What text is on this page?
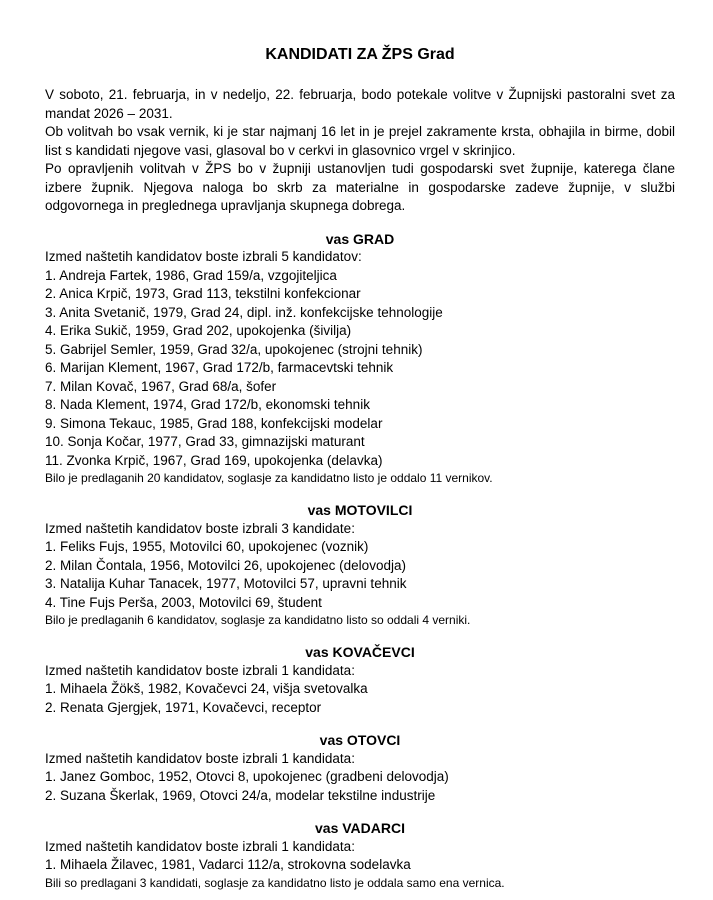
KANDIDATI ZA ŽPS Grad

V soboto, 21. februarja, in v nedeljo, 22. februarja, bodo potekale volitve v Župnijski pastoralni svet za mandat 2026 – 2031.

Ob volitvah bo vsak vernik, ki je star najmanj 16 let in je prejel zakramente krsta, obhajila in birme, dobil list s kandidati njegove vasi, glasoval bo v cerkvi in glasovnico vrgel v skrinjico.

Po opravljenih volitvah v ŽPS bo v župniji ustanovljen tudi gospodarski svet župnije, katerega člane izbere župnik. Njegova naloga bo skrb za materialne in gospodarske zadeve župnije, v službi odgovornega in preglednega upravljanja skupnega dobrega.

vas GRAD

Izmed naštetih kandidatov boste izbrali 5 kandidatov:

1. Andreja Fartek, 1986, Grad 159/a, vzgojiteljica

2. Anica Krpič, 1973, Grad 113, tekstilni konfekcionar

3. Anita Svetanič, 1979, Grad 24, dipl. inž. konfekcijske tehnologije

4. Erika Sukič, 1959, Grad 202, upokojenka (šivilja)

5. Gabrijel Semler, 1959, Grad 32/a, upokojenec (strojni tehnik)

6. Marijan Klement, 1967, Grad 172/b, farmacevtski tehnik

7. Milan Kovač, 1967, Grad 68/a, šofer

8. Nada Klement, 1974, Grad 172/b, ekonomski tehnik

9. Simona Tekauc, 1985, Grad 188, konfekcijski modelar

10. Sonja Kočar, 1977, Grad 33, gimnazijski maturant

11. Zvonka Krpič, 1967, Grad 169, upokojenka (delavka)

Bilo je predlaganih 20 kandidatov, soglasje za kandidatno listo je oddalo 11 vernikov.

vas MOTOVILCI

Izmed naštetih kandidatov boste izbrali 3 kandidate:

1. Feliks Fujs, 1955, Motovilci 60, upokojenec (voznik)

2. Milan Čontala, 1956, Motovilci 26, upokojenec (delovodja)

3. Natalija Kuhar Tanacek, 1977, Motovilci 57, upravni tehnik

4. Tine Fujs Perša, 2003, Motovilci 69, študent

Bilo je predlaganih 6 kandidatov, soglasje za kandidatno listo so oddali 4 verniki.

vas KOVAČEVCI

Izmed naštetih kandidatov boste izbrali 1 kandidata:

1. Mihaela Žökš, 1982, Kovačevci 24, višja svetovalka

2. Renata Gjergjek, 1971, Kovačevci, receptor

vas OTOVCI

Izmed naštetih kandidatov boste izbrali 1 kandidata:

1. Janez Gomboc, 1952, Otovci 8, upokojenec (gradbeni delovodja)

2. Suzana Škerlak, 1969, Otovci 24/a, modelar tekstilne industrije

vas VADARCI

Izmed naštetih kandidatov boste izbrali 1 kandidata:

1. Mihaela Žilavec, 1981, Vadarci 112/a, strokovna sodelavka

Bili so predlagani 3 kandidati, soglasje za kandidatno listo je oddala samo ena vernica.
